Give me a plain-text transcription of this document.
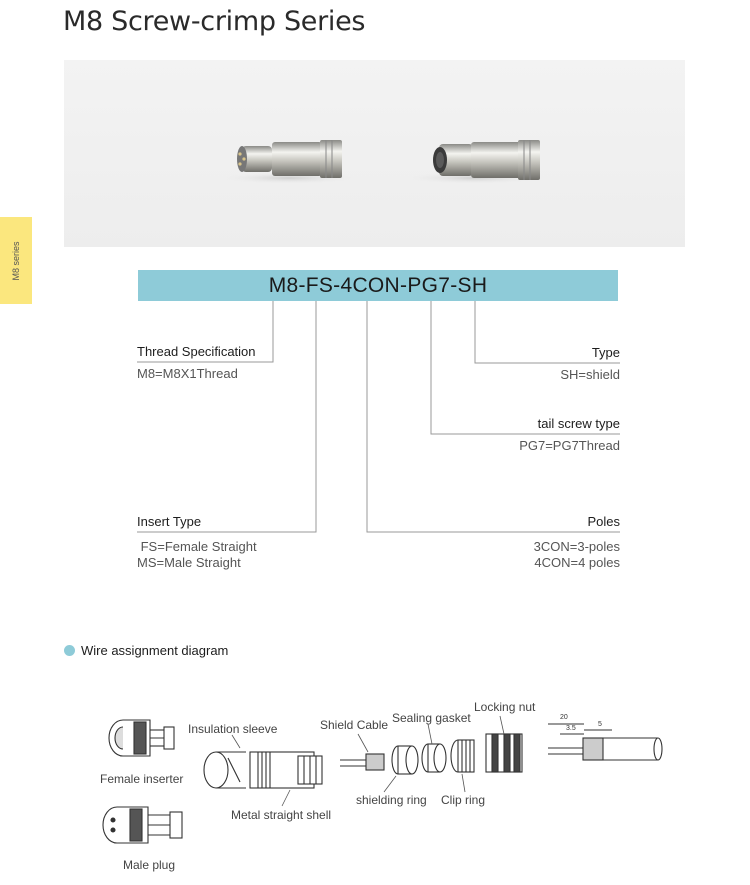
M8 Screw-crimp Series
M8 series
M8-FS-4CON-PG7-SH
Thread Specification
M8=M8X1Thread
Type
SH=shield
tail screw type
PG7=PG7Thread
Insert Type
FS=Female Straight
MS=Male Straight
Poles
3CON=3-poles
4CON=4 poles
Wire assignment diagram
Female inserter
Male plug
Insulation sleeve
Metal straight shell
Shield Cable
shielding ring
Sealing gasket
Clip ring
Locking nut
20
3.5
5
